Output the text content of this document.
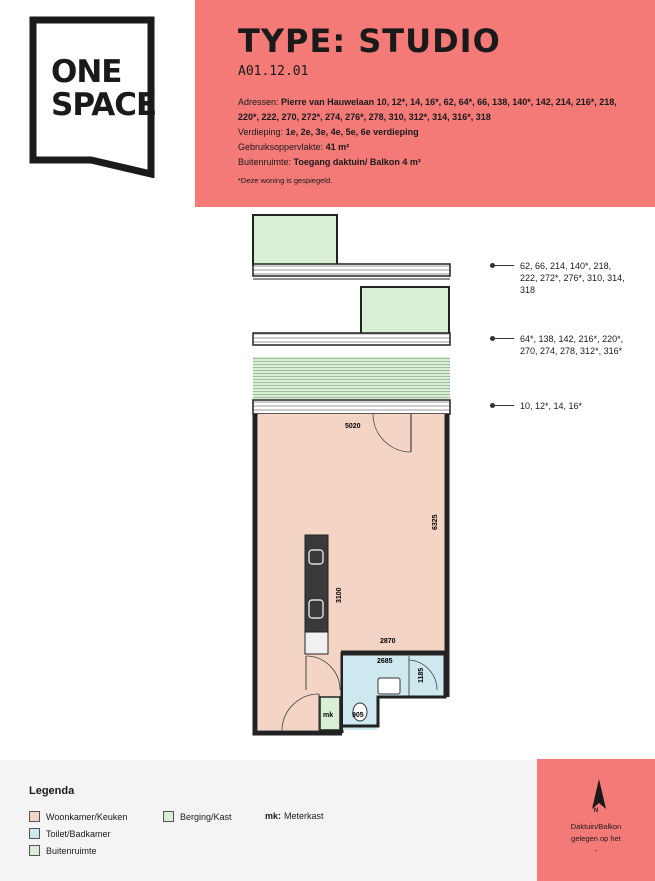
ONE
SPACE
TYPE: STUDIO
A01.12.01
Adressen: Pierre van Hauwelaan 10, 12*, 14, 16*, 62, 64*, 66, 138, 140*, 142, 214, 216*, 218, 220*, 222, 270, 272*, 274, 276*, 278, 310, 312*, 314, 316*, 318
Verdieping: 1e, 2e, 3e, 4e, 5e, 6e verdieping
Gebruiksoppervlakte: 41 m²
Buitenruimte: Toegang daktuin/ Balkon 4 m²
*Deze woning is gespiegeld.
5020
6325
3100
2870
2685
1185
905
mk
62, 66, 214, 140*, 218, 222, 272*, 276*, 310, 314, 318
64*, 138, 142, 216*, 220*, 270, 274, 278, 312*, 316*
10, 12*, 14, 16*
Legenda
Woonkamer/Keuken
Toilet/Badkamer
Buitenruimte
Berging/Kast	mk: Meterkast	N
Daktuin/Balkon
gelegen op het
-
